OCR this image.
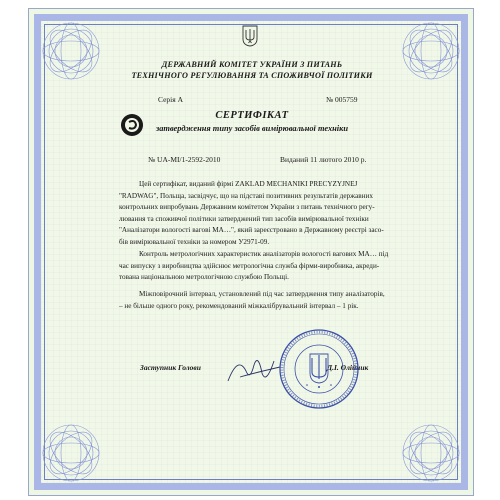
ДЕРЖАВНИЙ КОМІТЕТ УКРАЇНИ З ПИТАНЬ
ТЕХНІЧНОГО РЕГУЛЮВАННЯ ТА СПОЖИВЧОЇ ПОЛІТИКИ
Серія А	№ 005759
СЕРТИФІКАТ
затвердження типу засобів вимірювальної техніки
№ UA-MI/1-2592-2010	Виданий 11 лютого 2010 р.
Цей сертифікат, виданий фірмі ZAKLAD MECHANIKI PRECYZYJNEJ
"RADWAG", Польща, засвідчує, що на підставі позитивних результатів державних
контрольних випробувань Державним комітетом України з питань технічного регу-
лювання та споживчої політики затверджений тип засобів вимірювальної техніки
"Аналізатори вологості вагові МА…", який зареєстровано в Державному реєстрі засо-
бів вимірювальної техніки за номером У2971-09.
Контроль метрологічних характеристик аналізаторів вологості вагових МА… під
час випуску з виробництва здійснює метрологічна служба фірми-виробника, акреди-
тована національною метрологічною службою Польщі.
Міжповірочний інтервал, установлений під час затвердження типу аналізаторів,
– не більше одного року, рекомендований міжкалібрувальний інтервал – 1 рік.
Заступник Голови	Д.І. Олійник
